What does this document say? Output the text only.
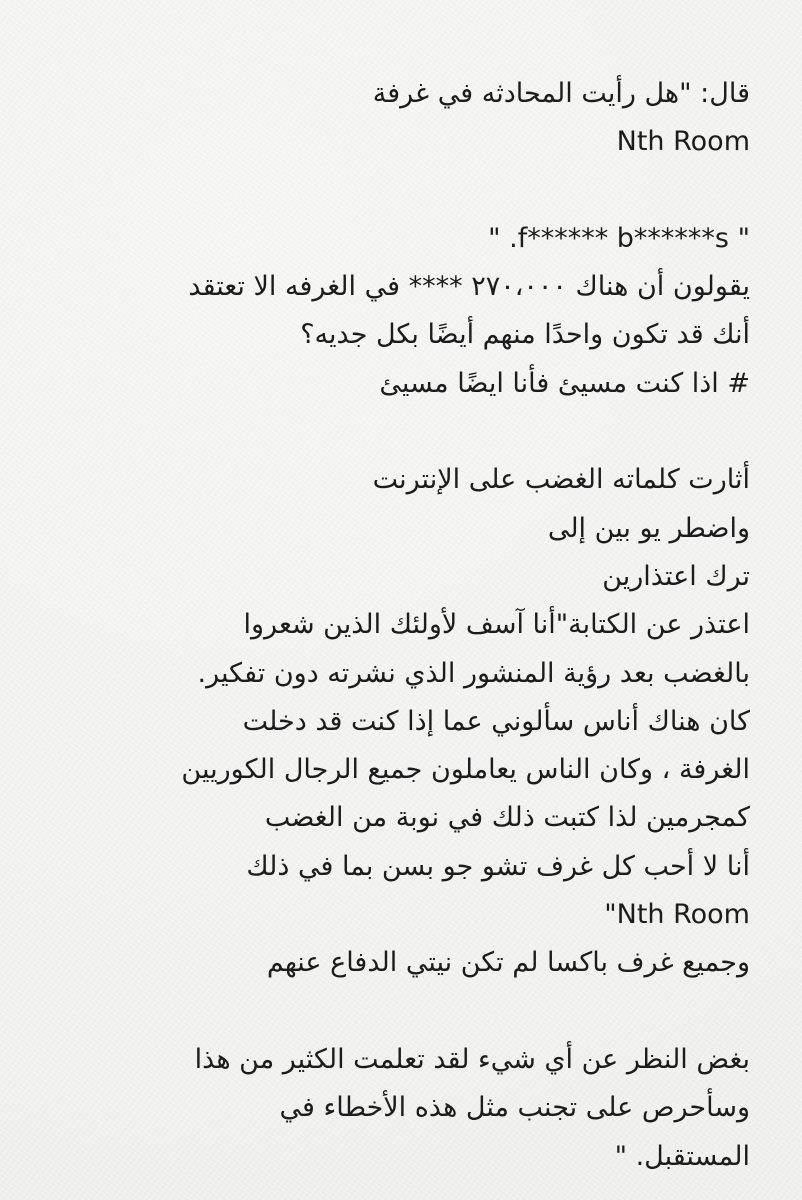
قال: "هل رأيت المحادثه في غرفة
Nth Room
" .f****** b******s "
يقولون أن هناك ٢٧٠،٠٠٠ **** في الغرفه الا تعتقد
أنك قد تكون واحدًا منهم أيضًا بكل جديه؟
# اذا كنت مسيئ فأنا ايضًا مسيئ
أثارت كلماته الغضب على الإنترنت
واضطر يو بين إلى
ترك اعتذارين
اعتذر عن الكتابة"أنا آسف لأولئك الذين شعروا
بالغضب بعد رؤية المنشور الذي نشرته دون تفكير.
كان هناك أناس سألوني عما إذا كنت قد دخلت
الغرفة ، وكان الناس يعاملون جميع الرجال الكوريين
كمجرمين لذا كتبت ذلك في نوبة من الغضب
أنا لا أحب كل غرف تشو جو بسن بما في ذلك
"Nth Room
وجميع غرف باكسا لم تكن نيتي الدفاع عنهم
بغض النظر عن أي شيء لقد تعلمت الكثير من هذا
وسأحرص على تجنب مثل هذه الأخطاء في
المستقبل. "
